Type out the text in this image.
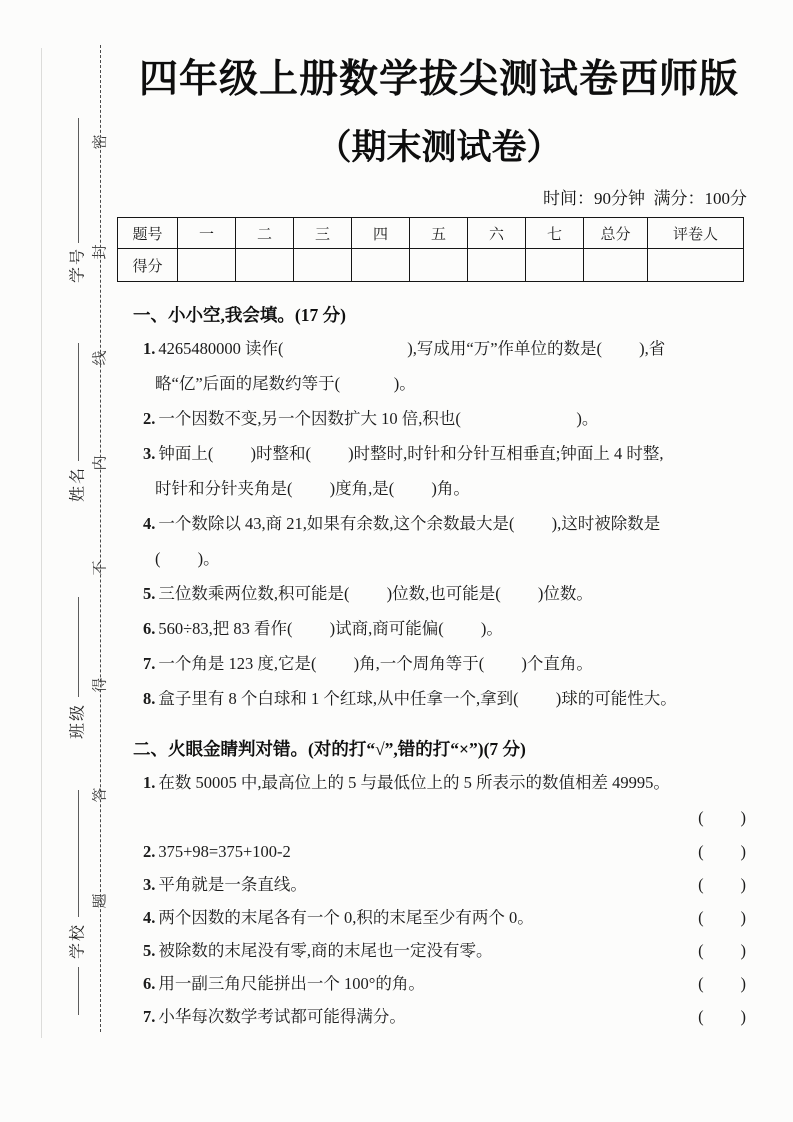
密
封
线
内
不
得
答
题
学号
姓名
班级
学校
四年级上册数学拔尖测试卷西师版
（期末测试卷）
时间：90分钟  满分：100分
题号	一	二	三	四	五	六	七	总分	评卷人
得分									
一、小小空,我会填。(17 分)
1. 4265480000 读作(                              ),写成用“万”作单位的数是(         ),省
略“亿”后面的尾数约等于(             )。
2. 一个因数不变,另一个因数扩大 10 倍,积也(                            )。
3. 钟面上(         )时整和(         )时整时,时针和分针互相垂直;钟面上 4 时整,
时针和分针夹角是(         )度角,是(         )角。
4. 一个数除以 43,商 21,如果有余数,这个余数最大是(         ),这时被除数是
(         )。
5. 三位数乘两位数,积可能是(         )位数,也可能是(         )位数。
6. 560÷83,把 83 看作(         )试商,商可能偏(         )。
7. 一个角是 123 度,它是(         )角,一个周角等于(         )个直角。
8. 盒子里有 8 个白球和 1 个红球,从中任拿一个,拿到(         )球的可能性大。
二、火眼金睛判对错。(对的打“√”,错的打“×”)(7 分)
1. 在数 50005 中,最高位上的 5 与最低位上的 5 所表示的数值相差 49995。
(       )
2. 375+98=375+100-2	(       )
3. 平角就是一条直线。	(       )
4. 两个因数的末尾各有一个 0,积的末尾至少有两个 0。	(       )
5. 被除数的末尾没有零,商的末尾也一定没有零。	(       )
6. 用一副三角尺能拼出一个 100°的角。	(       )
7. 小华每次数学考试都可能得满分。	(       )
